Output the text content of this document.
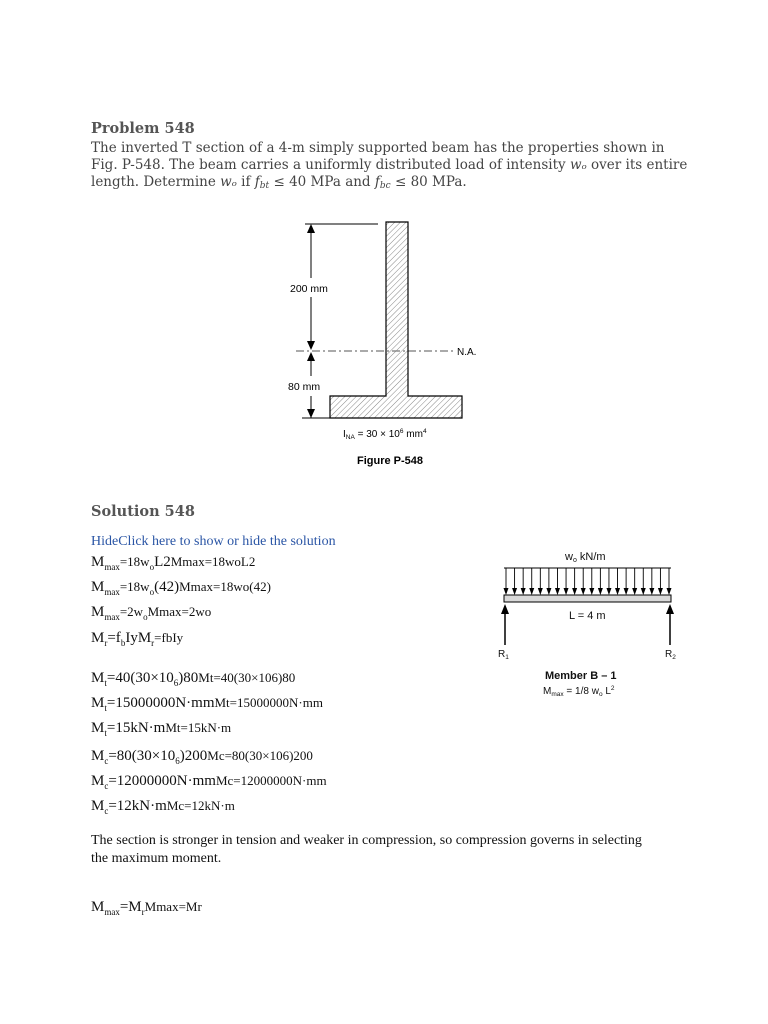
Problem 548
The inverted T section of a 4-m simply supported beam has the properties shown in Fig. P-548. The beam carries a uniformly distributed load of intensity wₒ over its entire length. Determine wₒ if $f_{bt} \le 40$ MPa and $f_{bc} \le 80$ MPa.
200 mm
80 mm
N.A.
$I_{NA} = 30 \times 10^6$ $mm^4$
Figure P-548
Solution 548
HideClick here to show or hide the solution
$M_{max}=18w_oL2Mmax=18woL2$
$M_{max}=18w_o(42)Mmax=18wo(42)$
$M_{max}=2w_oMmax=2wo$
$M_r=f_bIyM_r=fbIy$
$M_t=40(30\times 10_6)80Mt=40(30\times 106)80$
$M_t=15000000N\cdot mmMt=15000000N\cdot mm$
$M_t=15kN\cdot mMt=15kN\cdot m$
$M_c=80(30\times 10_6)200Mc=80(30\times 106)200$
$M_c=12000000N\cdot mmMc=12000000N\cdot mm$
$M_c=12kN\cdot mMc=12kN\cdot m$
The section is stronger in tension and weaker in compression, so compression governs in selecting the maximum moment.
$M_{max}=M_rMmax=Mr$
wo kN/m
L = 4 m
$R_1$	$R_2$
Member B – 1
$M_{max} = 1/8$ $w_o$ $L^2$
